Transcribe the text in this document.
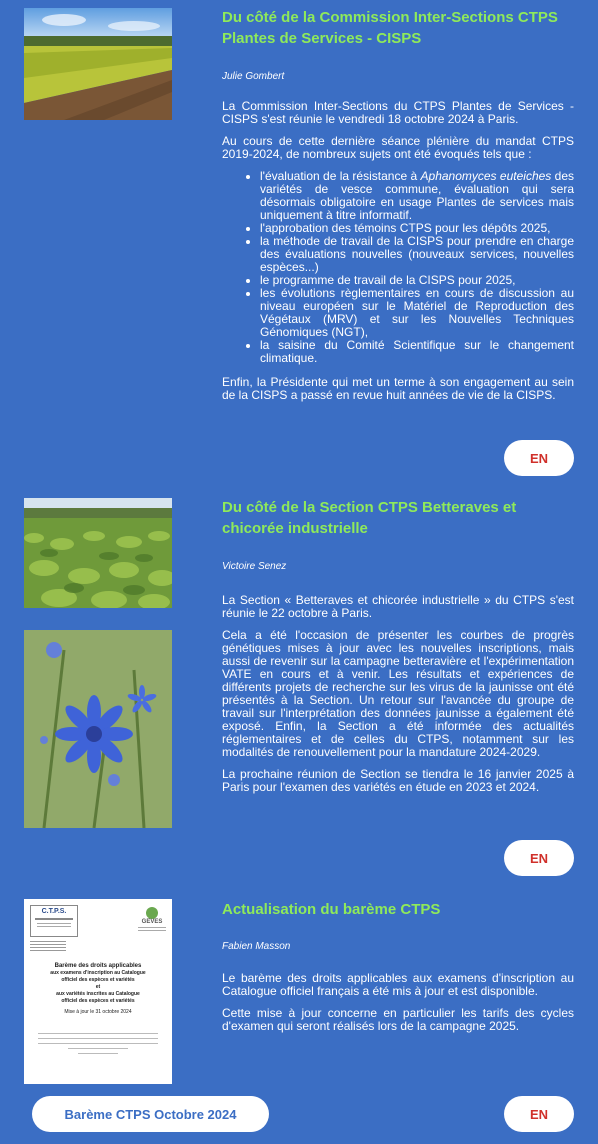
Du côté de la Commission Inter-Sections CTPS Plantes de Services - CISPS
Julie Gombert

La Commission Inter-Sections du CTPS Plantes de Services - CISPS s'est réunie le vendredi 18 octobre 2024 à Paris.

Au cours de cette dernière séance plénière du mandat CTPS 2019-2024, de nombreux sujets ont été évoqués tels que :

• l'évaluation de la résistance à Aphanomyces euteiches des variétés de vesce commune, évaluation qui sera désormais obligatoire en usage Plantes de services mais uniquement à titre informatif.
• l'approbation des témoins CTPS pour les dépôts 2025,
• la méthode de travail de la CISPS pour prendre en charge des évaluations nouvelles (nouveaux services, nouvelles espèces...)
• le programme de travail de la CISPS pour 2025,
• les évolutions règlementaires en cours de discussion au niveau européen sur le Matériel de Reproduction des Végétaux (MRV) et sur les Nouvelles Techniques Génomiques (NGT),
• la saisine du Comité Scientifique sur le changement climatique.

Enfin, la Présidente qui met un terme à son engagement au sein de la CISPS a passé en revue huit années de vie de la CISPS.

EN
Du côté de la Section CTPS Betteraves et chicorée industrielle
Victoire Senez

La Section « Betteraves et chicorée industrielle » du CTPS s'est réunie le 22 octobre à Paris.

Cela a été l'occasion de présenter les courbes de progrès génétiques mises à jour avec les nouvelles inscriptions, mais aussi de revenir sur la campagne betteravière et l'expérimentation VATE en cours et à venir. Les résultats et expériences de différents projets de recherche sur les virus de la jaunisse ont été présentés à la Section. Un retour sur l'avancée du groupe de travail sur l'interprétation des données jaunisse a également été exposé. Enfin, la Section a été informée des actualités réglementaires et de celles du CTPS, notamment sur les modalités de renouvellement pour la mandature 2024-2029.

La prochaine réunion de Section se tiendra le 16 janvier 2025 à Paris pour l'examen des variétés en étude en 2023 et 2024.

EN
C.T.P.S.
GEVES
Barème des droits applicables
aux examens d'inscription au Catalogue
officiel des espèces et variétés
et
aux variétés inscrites au Catalogue
officiel des espèces et variétés
Mise à jour le 31 octobre 2024
Actualisation du barème CTPS
Fabien Masson

Le barème des droits applicables aux examens d'inscription au Catalogue officiel français a été mis à jour et est disponible.

Cette mise à jour concerne en particulier les tarifs des cycles d'examen qui seront réalisés lors de la campagne 2025.

Barème CTPS Octobre 2024	EN
